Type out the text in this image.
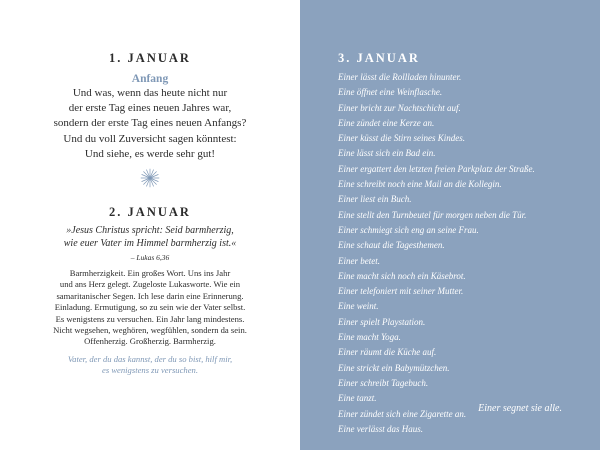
1. JANUAR
Anfang
Und was, wenn das heute nicht nur
der erste Tag eines neuen Jahres war,
sondern der erste Tag eines neuen Anfangs?
Und du voll Zuversicht sagen könntest:
Und siehe, es werde sehr gut!
2. JANUAR
»Jesus Christus spricht: Seid barmherzig,
wie euer Vater im Himmel barmherzig ist.«
– Lukas 6,36
Barmherzigkeit. Ein großes Wort. Uns ins Jahr
und ans Herz gelegt. Zugeloste Lukasworte. Wie ein
samaritanischer Segen. Ich lese darin eine Erinnerung.
Einladung. Ermutigung, so zu sein wie der Vater selbst.
Es wenigstens zu versuchen. Ein Jahr lang mindestens.
Nicht wegsehen, weghören, wegfühlen, sondern da sein.
Offenherzig. Großherzig. Barmherzig.
Vater, der du das kannst, der du so bist, hilf mir,
es wenigstens zu versuchen.
3. JANUAR
Einer lässt die Rollladen hinunter.
Eine öffnet eine Weinflasche.
Einer bricht zur Nachtschicht auf.
Eine zündet eine Kerze an.
Einer küsst die Stirn seines Kindes.
Eine lässt sich ein Bad ein.
Einer ergattert den letzten freien Parkplatz der Straße.
Eine schreibt noch eine Mail an die Kollegin.
Einer liest ein Buch.
Eine stellt den Turnbeutel für morgen neben die Tür.
Einer schmiegt sich eng an seine Frau.
Eine schaut die Tagesthemen.
Einer betet.
Eine macht sich noch ein Käsebrot.
Einer telefoniert mit seiner Mutter.
Eine weint.
Einer spielt Playstation.
Eine macht Yoga.
Einer räumt die Küche auf.
Eine strickt ein Babymützchen.
Einer schreibt Tagebuch.
Eine tanzt.
Einer zündet sich eine Zigarette an.
Eine verlässt das Haus.
Einer segnet sie alle.
